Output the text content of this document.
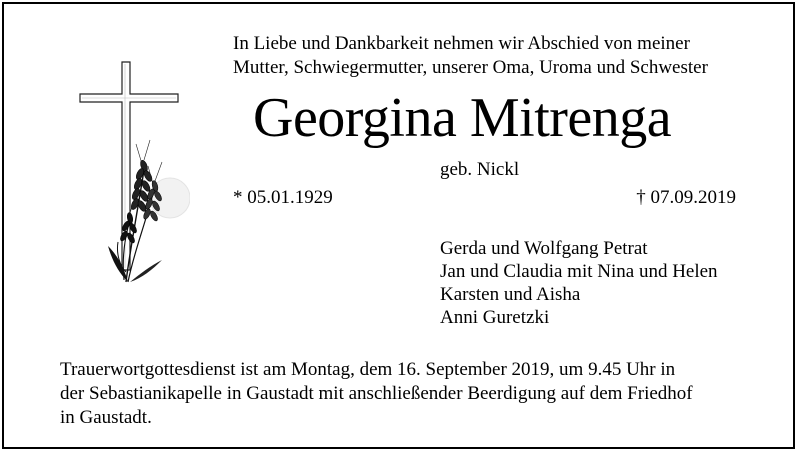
In Liebe und Dankbarkeit nehmen wir Abschied von meiner
Mutter, Schwiegermutter, unserer Oma, Uroma und Schwester
Georgina Mitrenga
geb. Nickl
* 05.01.1929	† 07.09.2019
Gerda und Wolfgang Petrat
Jan und Claudia mit Nina und Helen
Karsten und Aisha
Anni Guretzki
Trauerwortgottesdienst ist am Montag, dem 16. September 2019, um 9.45 Uhr in
der Sebastianikapelle in Gaustadt mit anschließender Beerdigung auf dem Friedhof
in Gaustadt.
